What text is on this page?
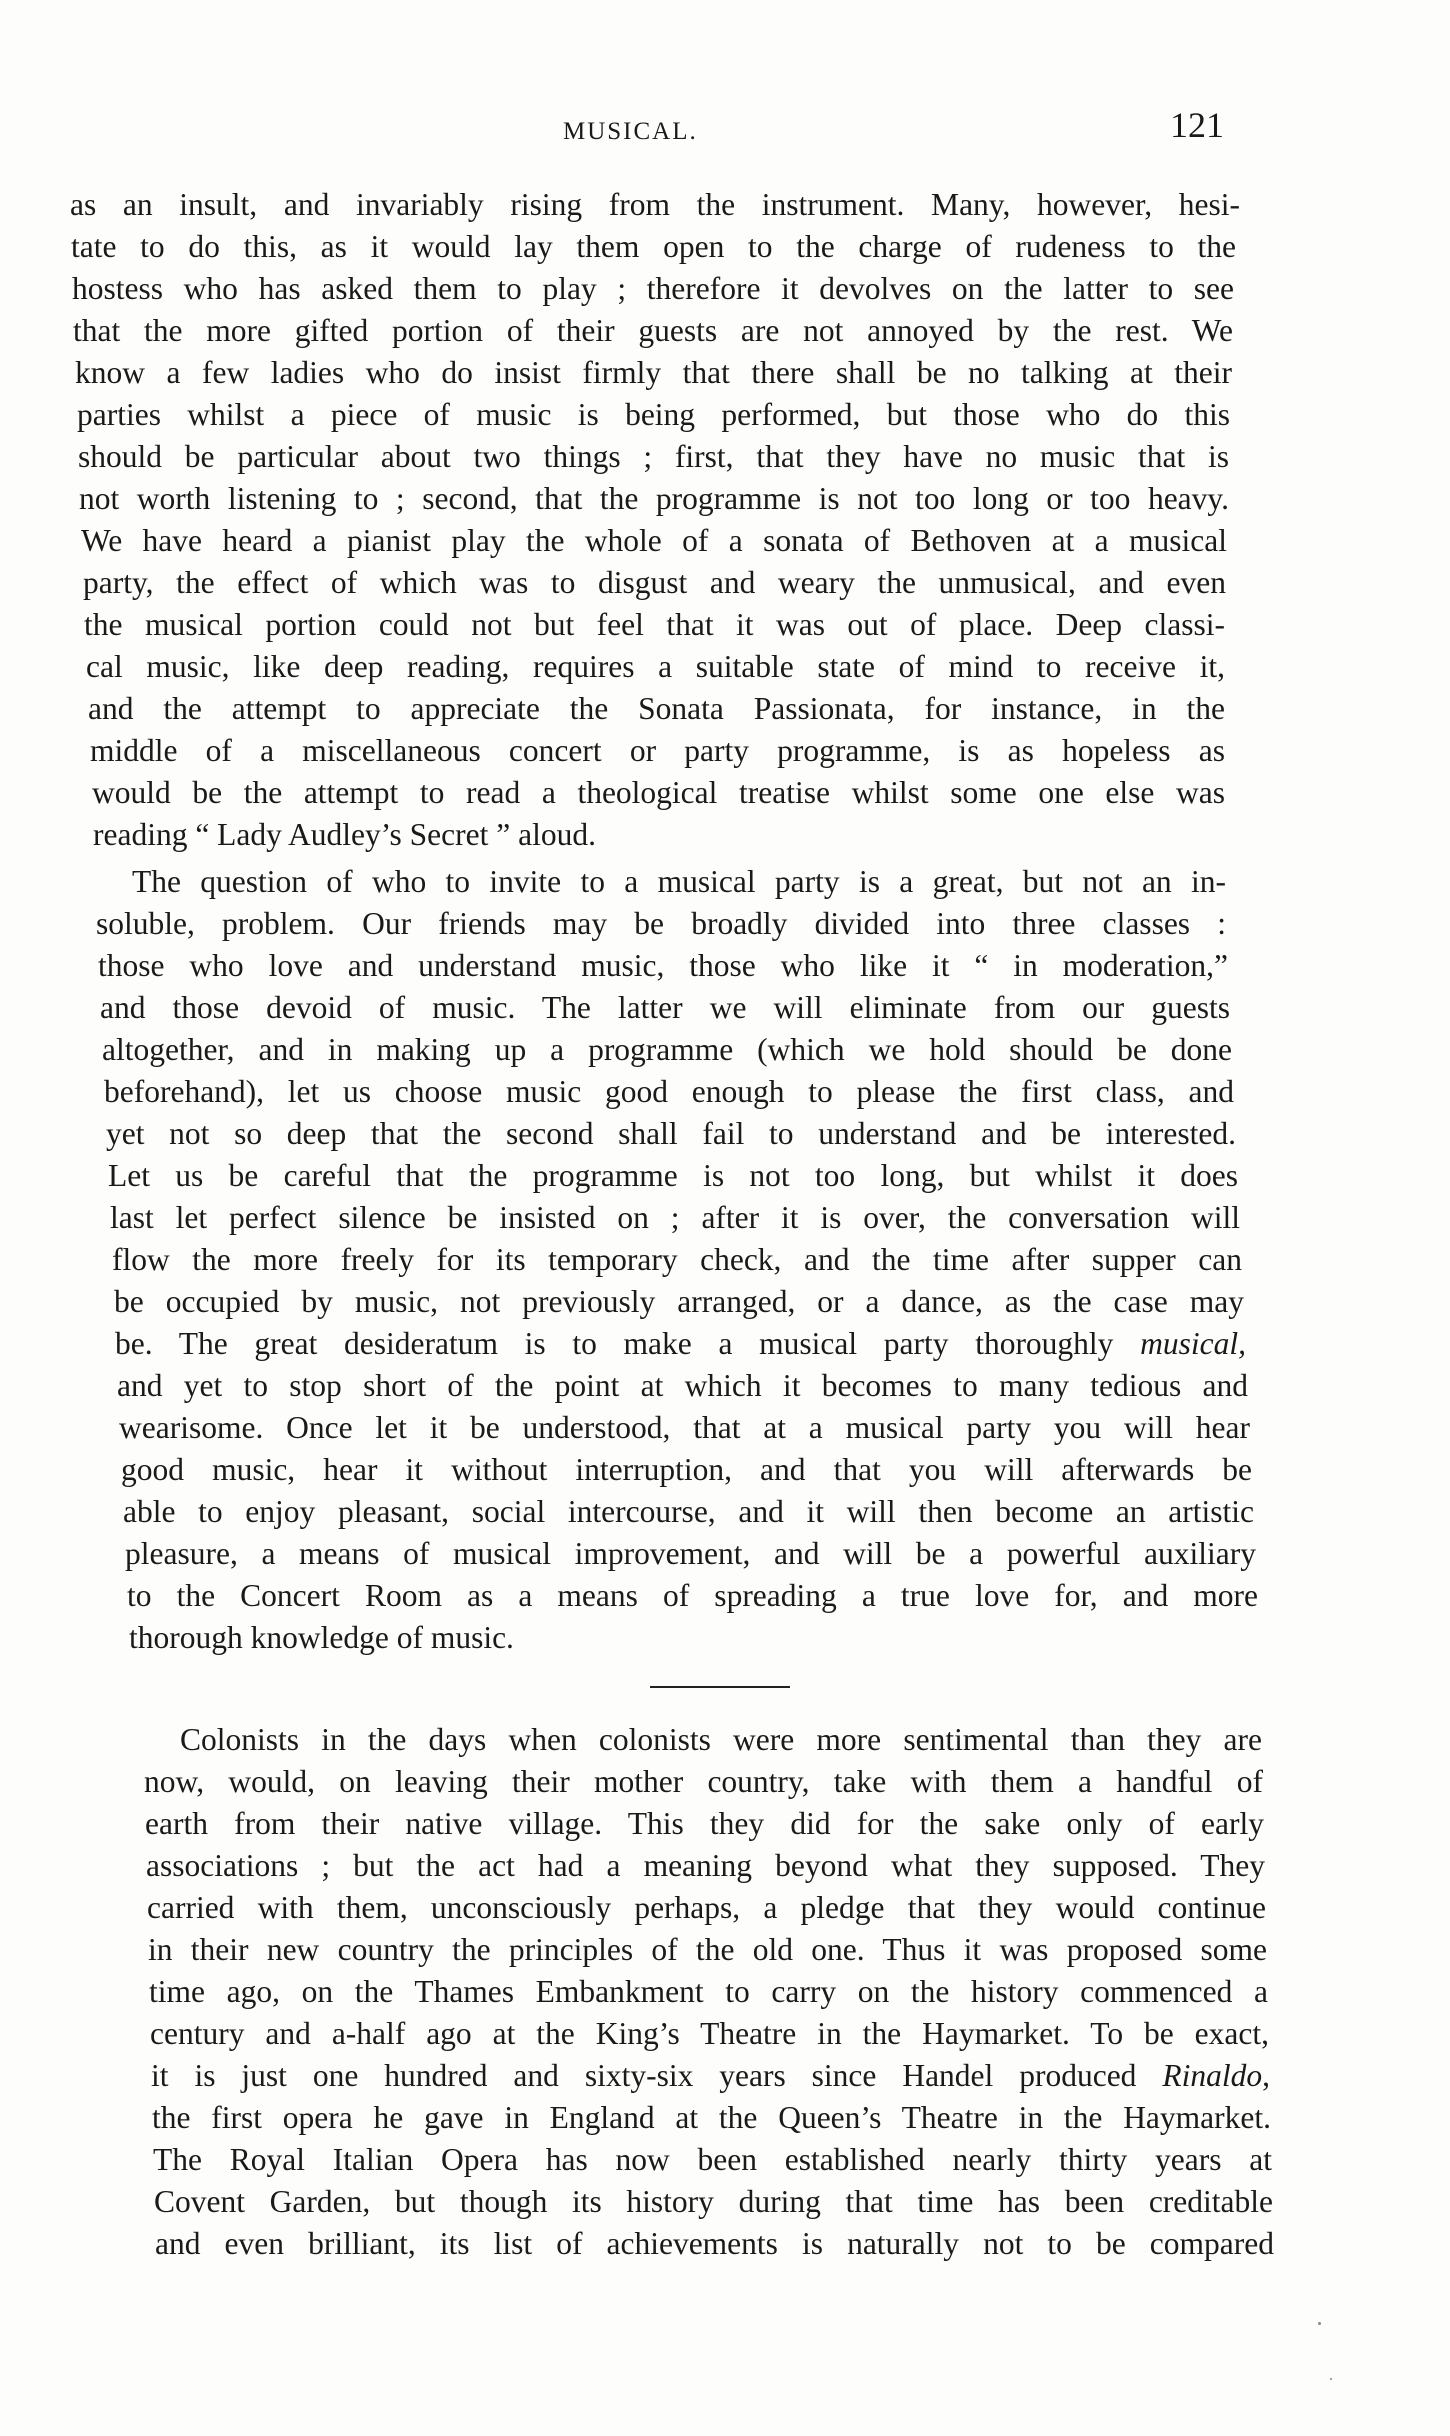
MUSICAL.	121
as an insult, and invariably rising from the instrument. Many, however, hesi-
tate to do this, as it would lay them open to the charge of rudeness to the
hostess who has asked them to play ; therefore it devolves on the latter to see
that the more gifted portion of their guests are not annoyed by the rest. We
know a few ladies who do insist firmly that there shall be no talking at their
parties whilst a piece of music is being performed, but those who do this
should be particular about two things ; first, that they have no music that is
not worth listening to ; second, that the programme is not too long or too heavy.
We have heard a pianist play the whole of a sonata of Bethoven at a musical
party, the effect of which was to disgust and weary the unmusical, and even
the musical portion could not but feel that it was out of place. Deep classi-
cal music, like deep reading, requires a suitable state of mind to receive it,
and the attempt to appreciate the Sonata Passionata, for instance, in the
middle of a miscellaneous concert or party programme, is as hopeless as
would be the attempt to read a theological treatise whilst some one else was
reading “ Lady Audley’s Secret ” aloud.
The question of who to invite to a musical party is a great, but not an in-
soluble, problem. Our friends may be broadly divided into three classes :
those who love and understand music, those who like it “ in moderation,”
and those devoid of music. The latter we will eliminate from our guests
altogether, and in making up a programme (which we hold should be done
beforehand), let us choose music good enough to please the first class, and
yet not so deep that the second shall fail to understand and be interested.
Let us be careful that the programme is not too long, but whilst it does
last let perfect silence be insisted on ; after it is over, the conversation will
flow the more freely for its temporary check, and the time after supper can
be occupied by music, not previously arranged, or a dance, as the case may
be. The great desideratum is to make a musical party thoroughly musical,
and yet to stop short of the point at which it becomes to many tedious and
wearisome. Once let it be understood, that at a musical party you will hear
good music, hear it without interruption, and that you will afterwards be
able to enjoy pleasant, social intercourse, and it will then become an artistic
pleasure, a means of musical improvement, and will be a powerful auxiliary
to the Concert Room as a means of spreading a true love for, and more
thorough knowledge of music.
Colonists in the days when colonists were more sentimental than they are
now, would, on leaving their mother country, take with them a handful of
earth from their native village. This they did for the sake only of early
associations ; but the act had a meaning beyond what they supposed. They
carried with them, unconsciously perhaps, a pledge that they would continue
in their new country the principles of the old one. Thus it was proposed some
time ago, on the Thames Embankment to carry on the history commenced a
century and a-half ago at the King’s Theatre in the Haymarket. To be exact,
it is just one hundred and sixty-six years since Handel produced Rinaldo,
the first opera he gave in England at the Queen’s Theatre in the Haymarket.
The Royal Italian Opera has now been established nearly thirty years at
Covent Garden, but though its history during that time has been creditable
and even brilliant, its list of achievements is naturally not to be compared
